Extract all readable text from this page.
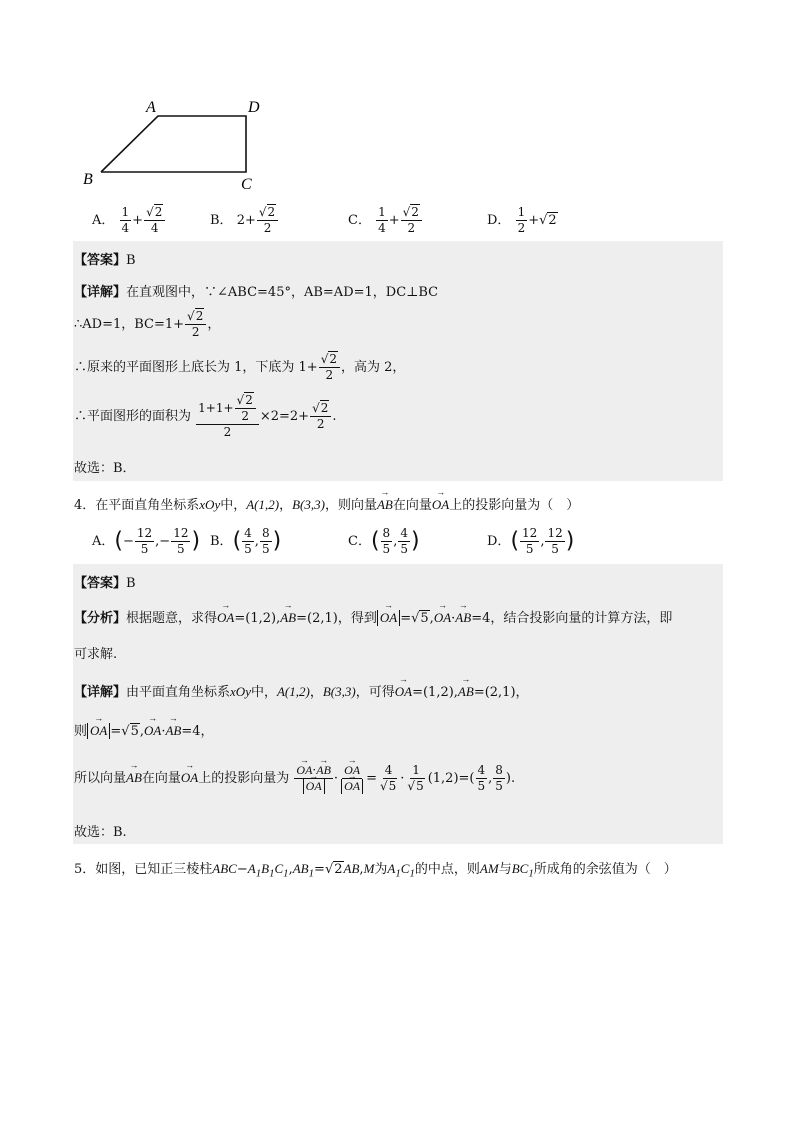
A	D
B	C
A． $\frac{1}{4} + \frac{√2}{4}$	B． $2+ \frac{√2}{2}$	C． $\frac{1}{4} + \frac{√2}{2}$	D． $\frac{1}{2} +√2$
【答案】B
【详解】在直观图中，∵∠ABC=45°，AB=AD=1，DC⊥BC
∴AD=1，$BC=1+ \frac{√2}{2}$ ，
∴原来的平面图形上底长为 1，下底为 $1+ \frac{√2}{2}$ ，高为 2，
∴平面图形的面积为 $\frac{1+1+ \frac{√2}{2}}{2} \times 2=2+ \frac{√2}{2}$ .
故选：B．
4．在平面直角坐标系xOy中，A(1,2)，B(3,3)，则向量→ AB在向量→ OA上的投影向量为（　）
A．(− $\frac{12}{5}$ ,− $\frac{12}{5}$ ) B．( $\frac{4}{5}$ , $\frac{8}{5}$ )	C．( $\frac{8}{5}$ , $\frac{4}{5}$ )	D．( $\frac{12}{5}$ , $\frac{12}{5}$ )
【答案】B
【分析】根据题意，求得→ OA=(1,2),→ AB=(2,1)，得到 → OA =√5,→ OA·→ AB=4，结合投影向量的计算方法，即
可求解.
【详解】由平面直角坐标系xOy中，A(1,2)，B(3,3)，可得→ OA=(1,2),→ AB=(2,1)，
则 → OA =√5,→ OA·→ AB=4，
所以向量→ AB在向量→ OA上的投影向量为 → OA·→ AB
→ OA · → OA
→ OA = $\frac{4}{√5} \cdot \frac{1}{√5} (1,2)=( \frac{4}{5}$ , $\frac{8}{5}$ ).
故选：B.
5．如图，已知正三棱柱$ABC-A_1B_1C_1,AB_1=√2AB,M$为$A_1C_1$的中点，则AM与$BC_1$所成角的余弦值为（　）
